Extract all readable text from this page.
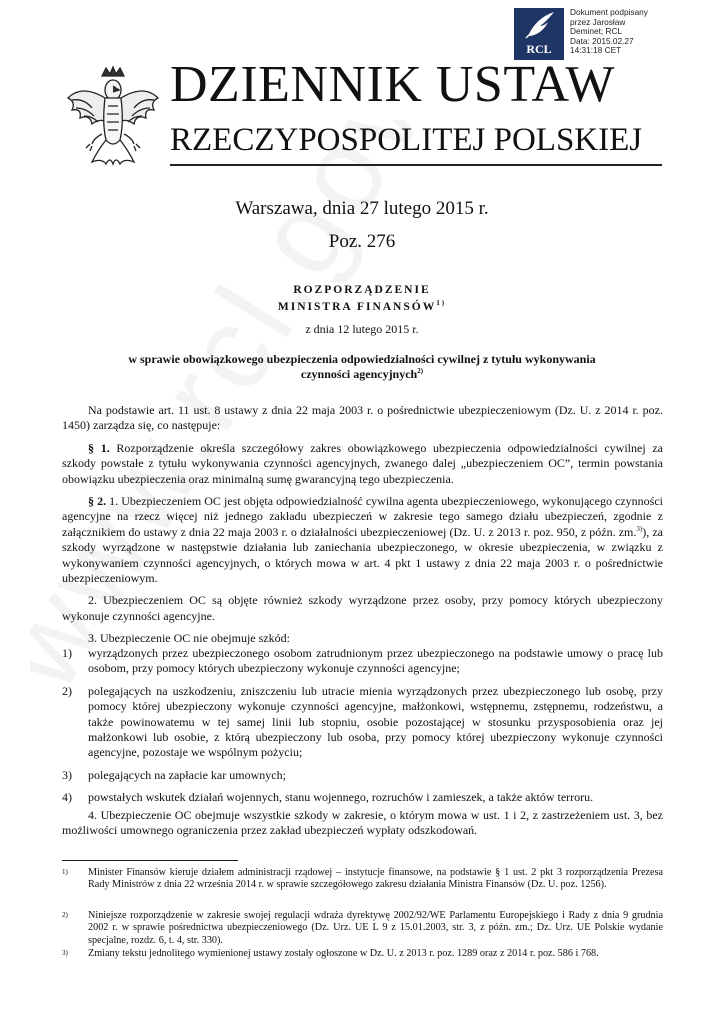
RCL
Dokument podpisany
przez Jarosław
Deminet; RCL
Data: 2015.02.27
14:31:18 CET
DZIENNIK USTAW
RZECZYPOSPOLITEJ POLSKIEJ
Warszawa, dnia 27 lutego 2015 r.
Poz. 276
ROZPORZĄDZENIE
MINISTRA FINANSÓW$^{1)}$
z dnia 12 lutego 2015 r.
w sprawie obowiązkowego ubezpieczenia odpowiedzialności cywilnej z tytułu wykonywania
czynności agencyjnych$^{2)}$

Na podstawie art. 11 ust. 8 ustawy z dnia 22 maja 2003 r. o pośrednictwie ubezpieczeniowym (Dz. U. z 2014 r. poz. 1450) zarządza się, co następuje:

§ 1. Rozporządzenie określa szczegółowy zakres obowiązkowego ubezpieczenia odpowiedzialności cywilnej za szkody powstałe z tytułu wykonywania czynności agencyjnych, zwanego dalej „ubezpieczeniem OC”, termin powstania obowiązku ubezpieczenia oraz minimalną sumę gwarancyjną tego ubezpieczenia.

§ 2. 1. Ubezpieczeniem OC jest objęta odpowiedzialność cywilna agenta ubezpieczeniowego, wykonującego czynności agencyjne na rzecz więcej niż jednego zakładu ubezpieczeń w zakresie tego samego działu ubezpieczeń, zgodnie z załącznikiem do ustawy z dnia 22 maja 2003 r. o działalności ubezpieczeniowej (Dz. U. z 2013 r. poz. 950, z późn. zm.$^{3)}$), za szkody wyrządzone w następstwie działania lub zaniechania ubezpieczonego, w okresie ubezpieczenia, w związku z wykonywaniem czynności agencyjnych, o których mowa w art. 4 pkt 1 ustawy z dnia 22 maja 2003 r. o pośrednictwie ubezpieczeniowym.

2. Ubezpieczeniem OC są objęte również szkody wyrządzone przez osoby, przy pomocy których ubezpieczony wykonuje czynności agencyjne.

3. Ubezpieczenie OC nie obejmuje szkód:

1)	wyrządzonych przez ubezpieczonego osobom zatrudnionym przez ubezpieczonego na podstawie umowy o pracę lub osobom, przy pomocy których ubezpieczony wykonuje czynności agencyjne;
2)	polegających na uszkodzeniu, zniszczeniu lub utracie mienia wyrządzonych przez ubezpieczonego lub osobę, przy pomocy której ubezpieczony wykonuje czynności agencyjne, małżonkowi, wstępnemu, zstępnemu, rodzeństwu, a także powinowatemu w tej samej linii lub stopniu, osobie pozostającej w stosunku przysposobienia oraz jej małżonkowi lub osobie, z którą ubezpieczony lub osoba, przy pomocy której ubezpieczony wykonuje czynności agencyjne, pozostaje we wspólnym pożyciu;
3)	polegających na zapłacie kar umownych;
4)	powstałych wskutek działań wojennych, stanu wojennego, rozruchów i zamieszek, a także aktów terroru.

4. Ubezpieczenie OC obejmuje wszystkie szkody w zakresie, o którym mowa w ust. 1 i 2, z zastrzeżeniem ust. 3, bez możliwości umownego ograniczenia przez zakład ubezpieczeń wypłaty odszkodowań.

1)	Minister Finansów kieruje działem administracji rządowej – instytucje finansowe, na podstawie § 1 ust. 2 pkt 3 rozporządzenia Prezesa Rady Ministrów z dnia 22 września 2014 r. w sprawie szczegółowego zakresu działania Ministra Finansów (Dz. U. poz. 1256).
2)	Niniejsze rozporządzenie w zakresie swojej regulacji wdraża dyrektywę 2002/92/WE Parlamentu Europejskiego i Rady z dnia 9 grudnia 2002 r. w sprawie pośrednictwa ubezpieczeniowego (Dz. Urz. UE L 9 z 15.01.2003, str. 3, z późn. zm.; Dz. Urz. UE Polskie wydanie specjalne, rozdz. 6, t. 4, str. 330).
3)	Zmiany tekstu jednolitego wymienionej ustawy zostały ogłoszone w Dz. U. z 2013 r. poz. 1289 oraz z 2014 r. poz. 586 i 768.
